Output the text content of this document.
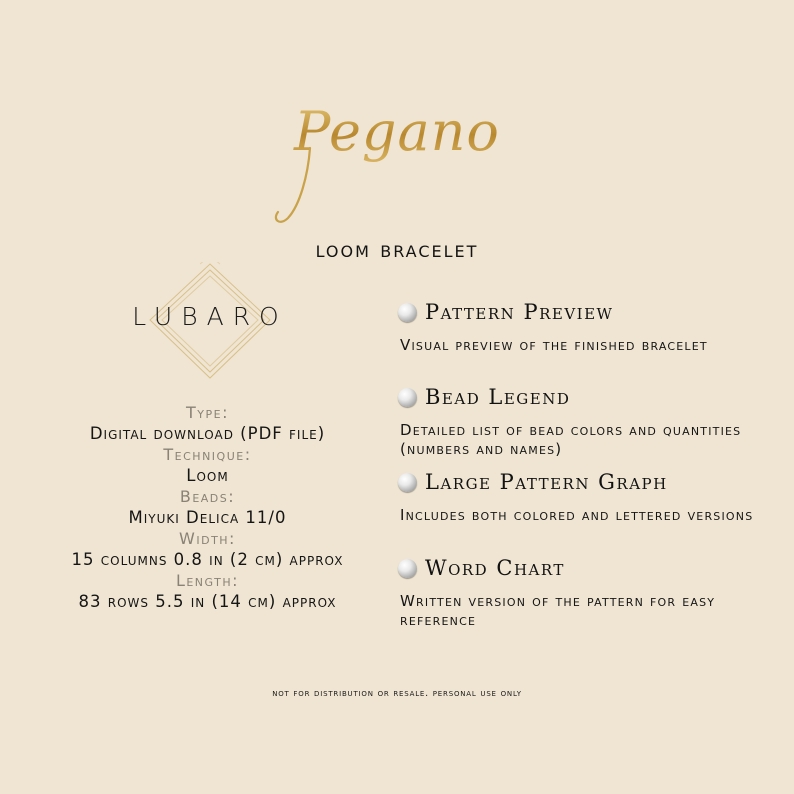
Pegano
loom bracelet
LUBARO
Type:
Digital download (PDF file)
Technique:
Loom
Beads:
Miyuki Delica 11/0
Width:
15 columns 0.8 in (2 cm) approx
Length:
83 rows 5.5 in (14 cm) approx
Pattern Preview
Visual preview of the finished bracelet
Bead Legend
Detailed list of bead colors and quantities (numbers and names)
Large Pattern Graph
Includes both colored and lettered versions
Word Chart
Written version of the pattern for easy reference
not for distribution or resale. personal use only
